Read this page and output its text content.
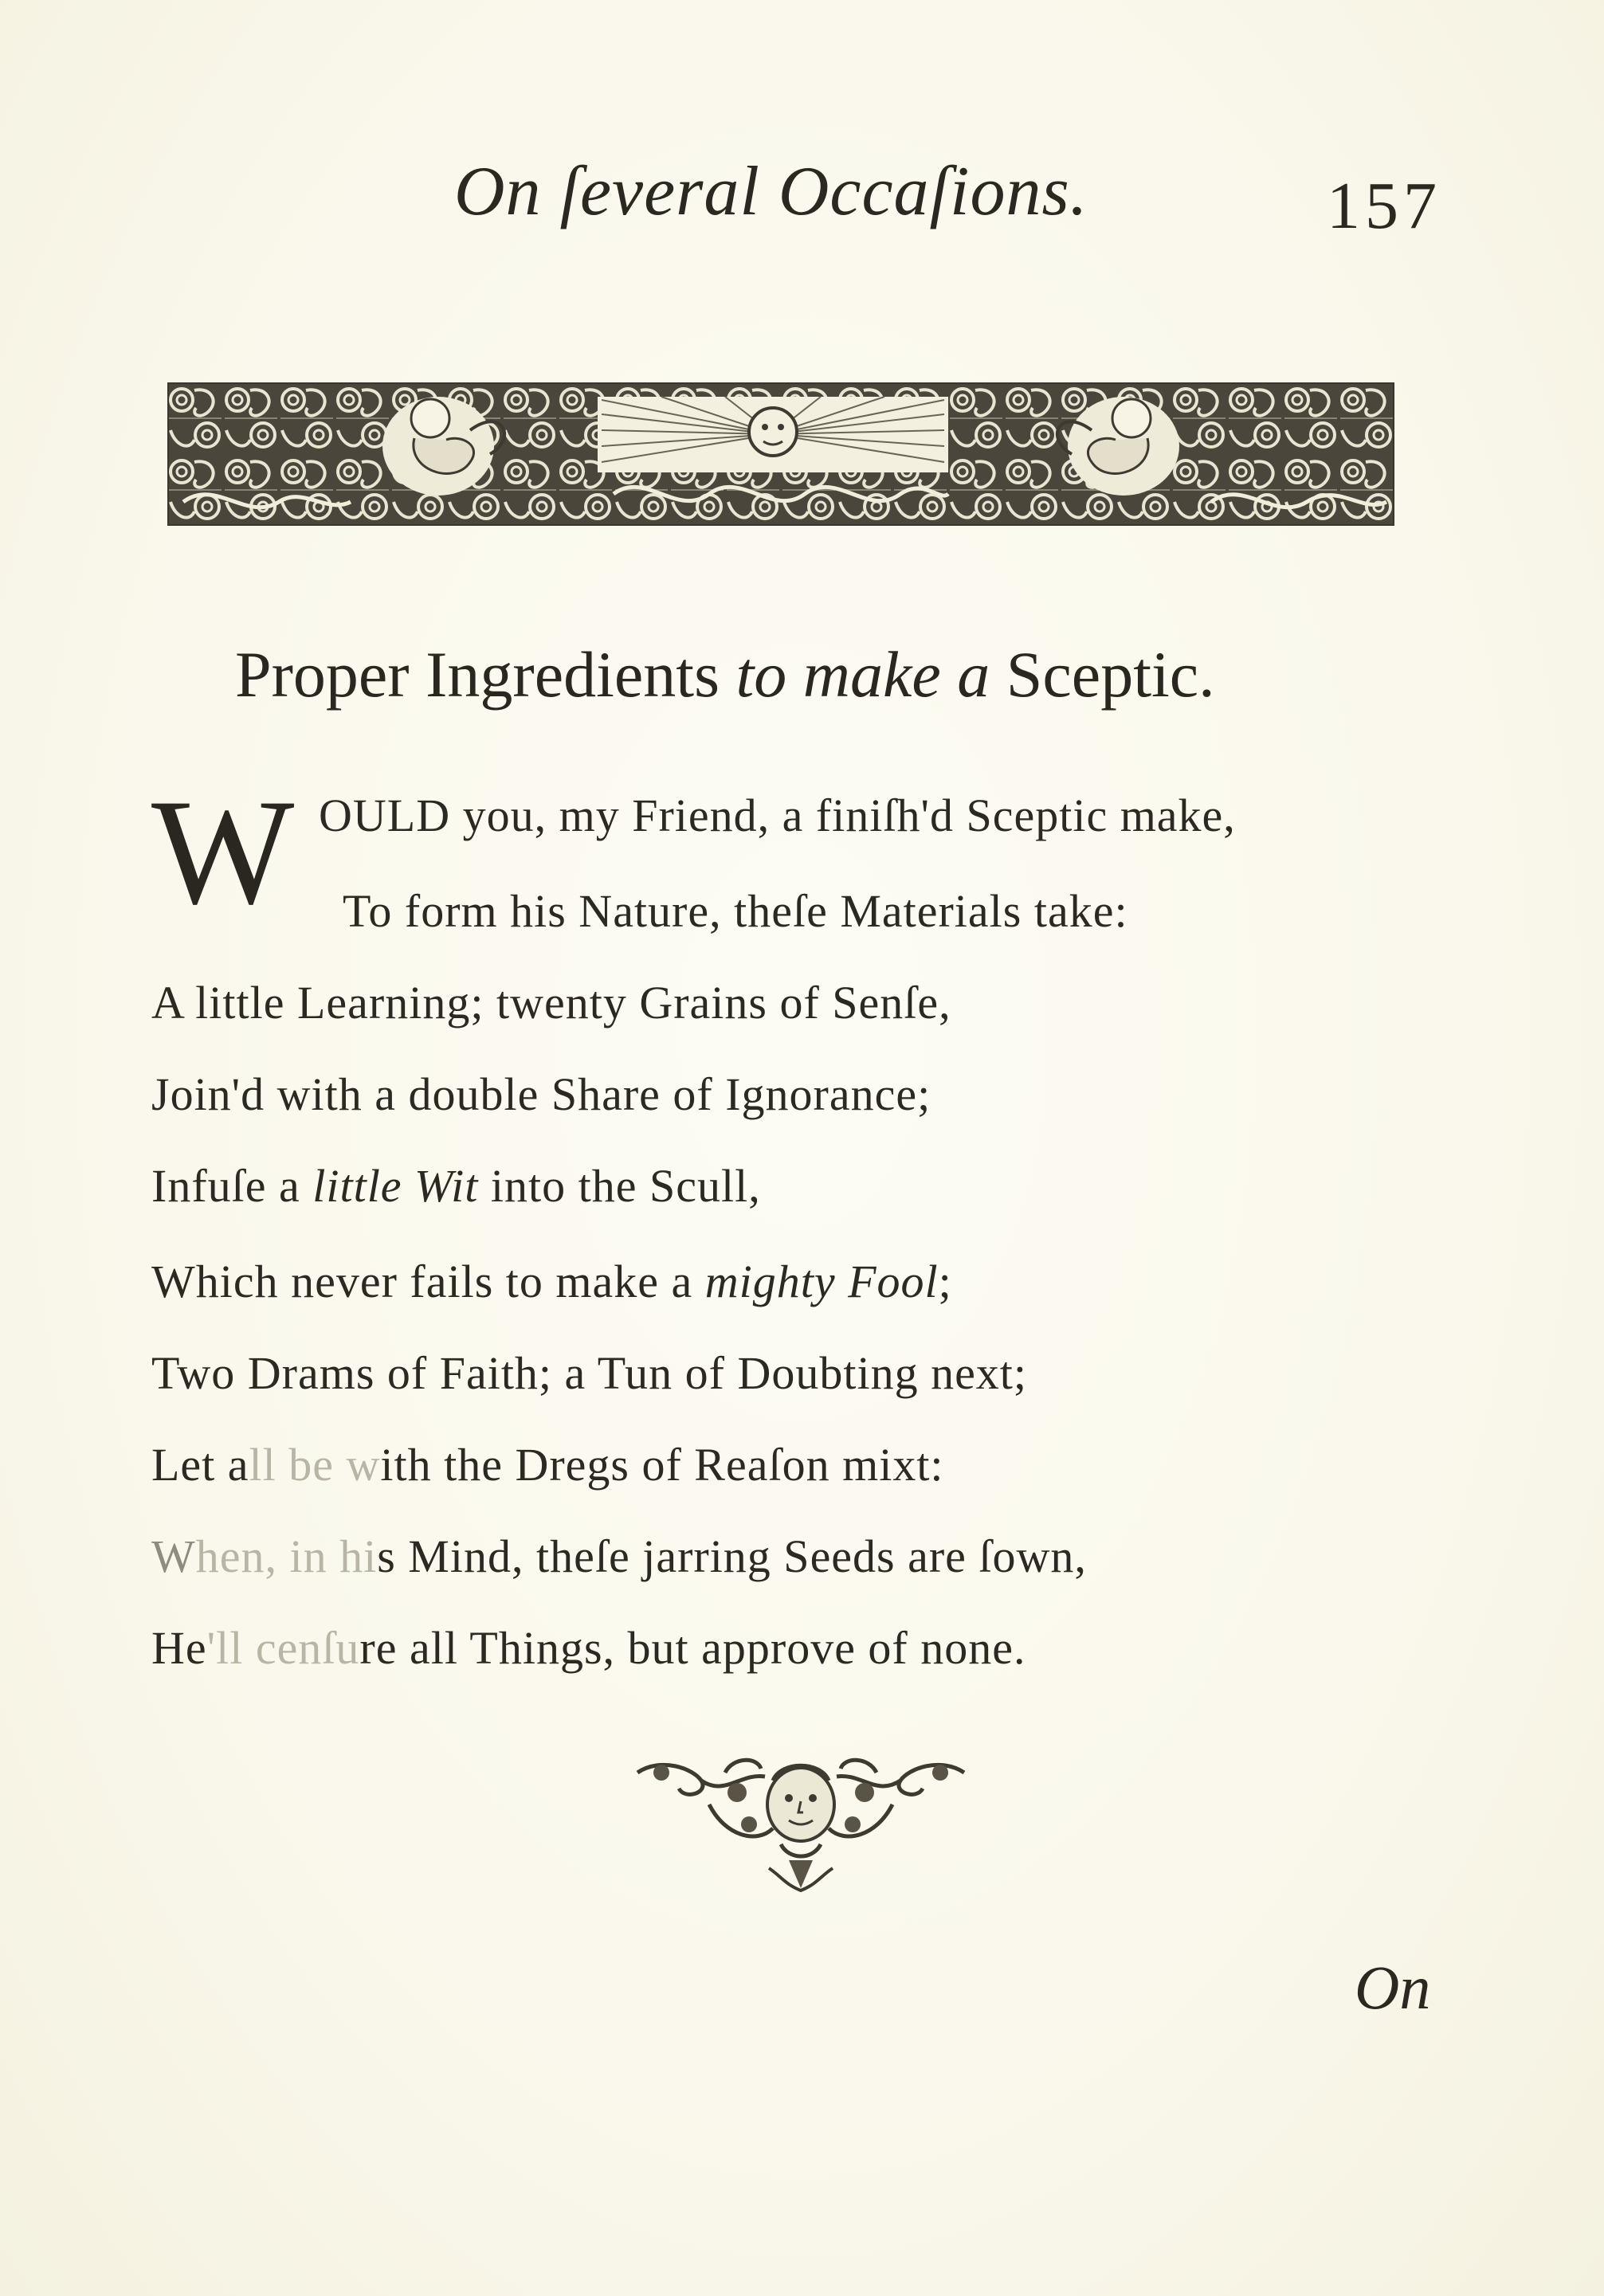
On ſeveral Occaſions.	157
Proper Ingredients to make a Sceptic.
W OULD you, my Friend, a finiſh'd Sceptic make,
To form his Nature, theſe Materials take:
A little Learning; twenty Grains of Senſe,
Join'd with a double Share of Ignorance;
Infuſe a little Wit into the Scull,
Which never fails to make a mighty Fool;
Two Drams of Faith; a Tun of Doubting next;
Let all be with the Dregs of Reaſon mixt:
When, in his Mind, theſe jarring Seeds are ſown,
He'll cenſure all Things, but approve of none.
On
